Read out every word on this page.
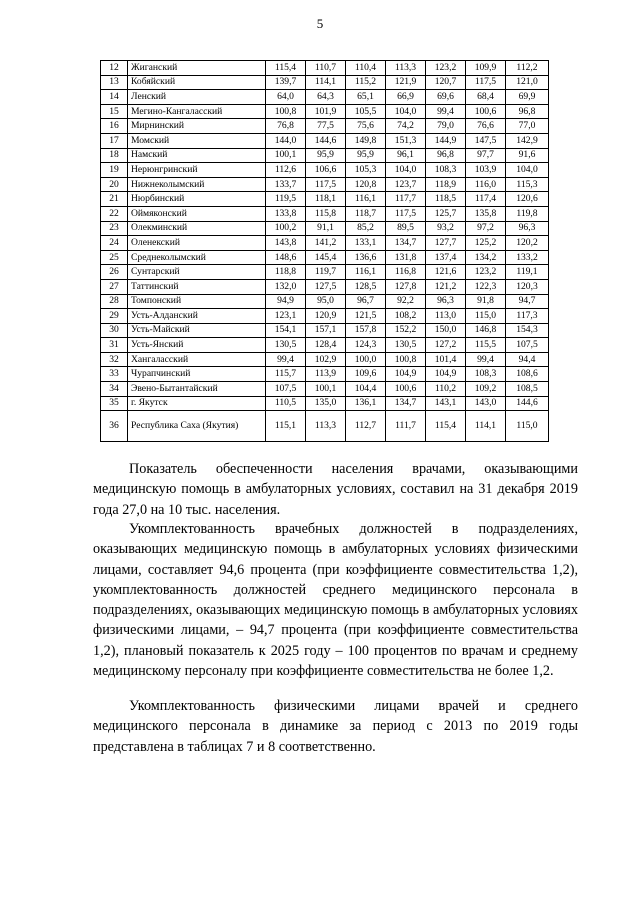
5
12	Жиганский	115,4	110,7	110,4	113,3	123,2	109,9	112,2
13	Кобяйский	139,7	114,1	115,2	121,9	120,7	117,5	121,0
14	Ленский	64,0	64,3	65,1	66,9	69,6	68,4	69,9
15	Мегино-Кангаласский	100,8	101,9	105,5	104,0	99,4	100,6	96,8
16	Мирнинский	76,8	77,5	75,6	74,2	79,0	76,6	77,0
17	Момский	144,0	144,6	149,8	151,3	144,9	147,5	142,9
18	Намский	100,1	95,9	95,9	96,1	96,8	97,7	91,6
19	Нерюнгринский	112,6	106,6	105,3	104,0	108,3	103,9	104,0
20	Нижнеколымский	133,7	117,5	120,8	123,7	118,9	116,0	115,3
21	Нюрбинский	119,5	118,1	116,1	117,7	118,5	117,4	120,6
22	Оймяконский	133,8	115,8	118,7	117,5	125,7	135,8	119,8
23	Олекминский	100,2	91,1	85,2	89,5	93,2	97,2	96,3
24	Оленекский	143,8	141,2	133,1	134,7	127,7	125,2	120,2
25	Среднеколымский	148,6	145,4	136,6	131,8	137,4	134,2	133,2
26	Сунтарский	118,8	119,7	116,1	116,8	121,6	123,2	119,1
27	Таттинский	132,0	127,5	128,5	127,8	121,2	122,3	120,3
28	Томпонский	94,9	95,0	96,7	92,2	96,3	91,8	94,7
29	Усть-Алданский	123,1	120,9	121,5	108,2	113,0	115,0	117,3
30	Усть-Майский	154,1	157,1	157,8	152,2	150,0	146,8	154,3
31	Усть-Янский	130,5	128,4	124,3	130,5	127,2	115,5	107,5
32	Хангаласский	99,4	102,9	100,0	100,8	101,4	99,4	94,4
33	Чурапчинский	115,7	113,9	109,6	104,9	104,9	108,3	108,6
34	Эвено-Бытантайский	107,5	100,1	104,4	100,6	110,2	109,2	108,5
35	г. Якутск	110,5	135,0	136,1	134,7	143,1	143,0	144,6
36	Республика Саха (Якутия)	115,1	113,3	112,7	111,7	115,4	114,1	115,0

Показатель обеспеченности населения врачами, оказывающими медицинскую помощь в амбулаторных условиях, составил на 31 декабря 2019 года 27,0 на 10 тыс. населения.

Укомплектованность врачебных должностей в подразделениях, оказывающих медицинскую помощь в амбулаторных условиях физическими лицами, составляет 94,6 процента (при коэффициенте совместительства 1,2), укомплектованность должностей среднего медицинского персонала в подразделениях, оказывающих медицинскую помощь в амбулаторных условиях физическими лицами, – 94,7 процента (при коэффициенте совместительства 1,2), плановый показатель к 2025 году – 100 процентов по врачам и среднему медицинскому персоналу при коэффициенте совместительства не более 1,2.

Укомплектованность физическими лицами врачей и среднего медицинского персонала в динамике за период с 2013 по 2019 годы представлена в таблицах 7 и 8 соответственно.
